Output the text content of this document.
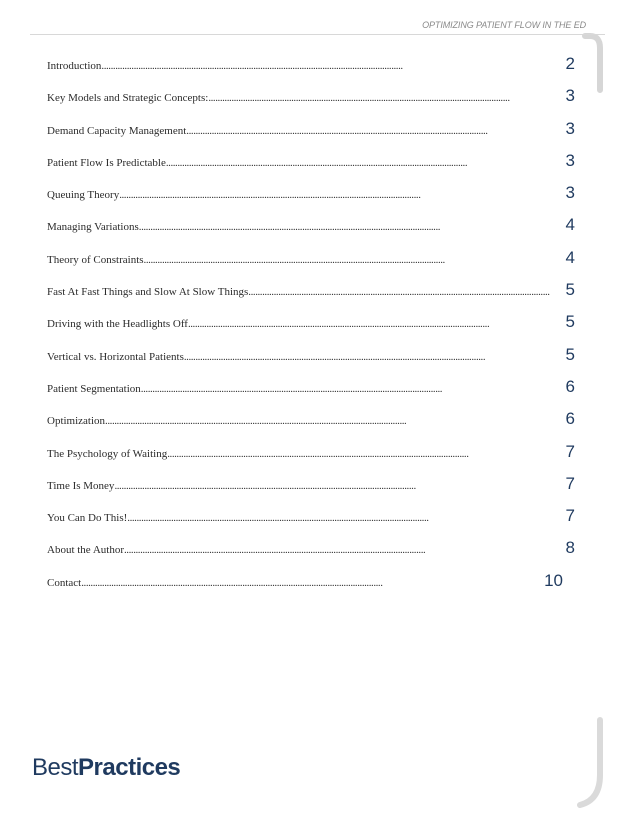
OPTIMIZING PATIENT FLOW IN THE ED
Introduction . . .	2
Key Models and Strategic Concepts: . . .	3
Demand Capacity Management . . .	3
Patient Flow Is Predictable . . .	3
Queuing Theory . . .	3
Managing Variations . . .	4
Theory of Constraints . . .	4
Fast At Fast Things and Slow At Slow Things . . .	5
Driving with the Headlights Off . . .	5
Vertical vs. Horizontal Patients . . .	5
Patient Segmentation . . .	6
Optimization . . .	6
The Psychology of Waiting . . .	7
Time Is Money . . .	7
You Can Do This! . . .	7
About the Author . . .	8
Contact . . .	10
BestPractices
